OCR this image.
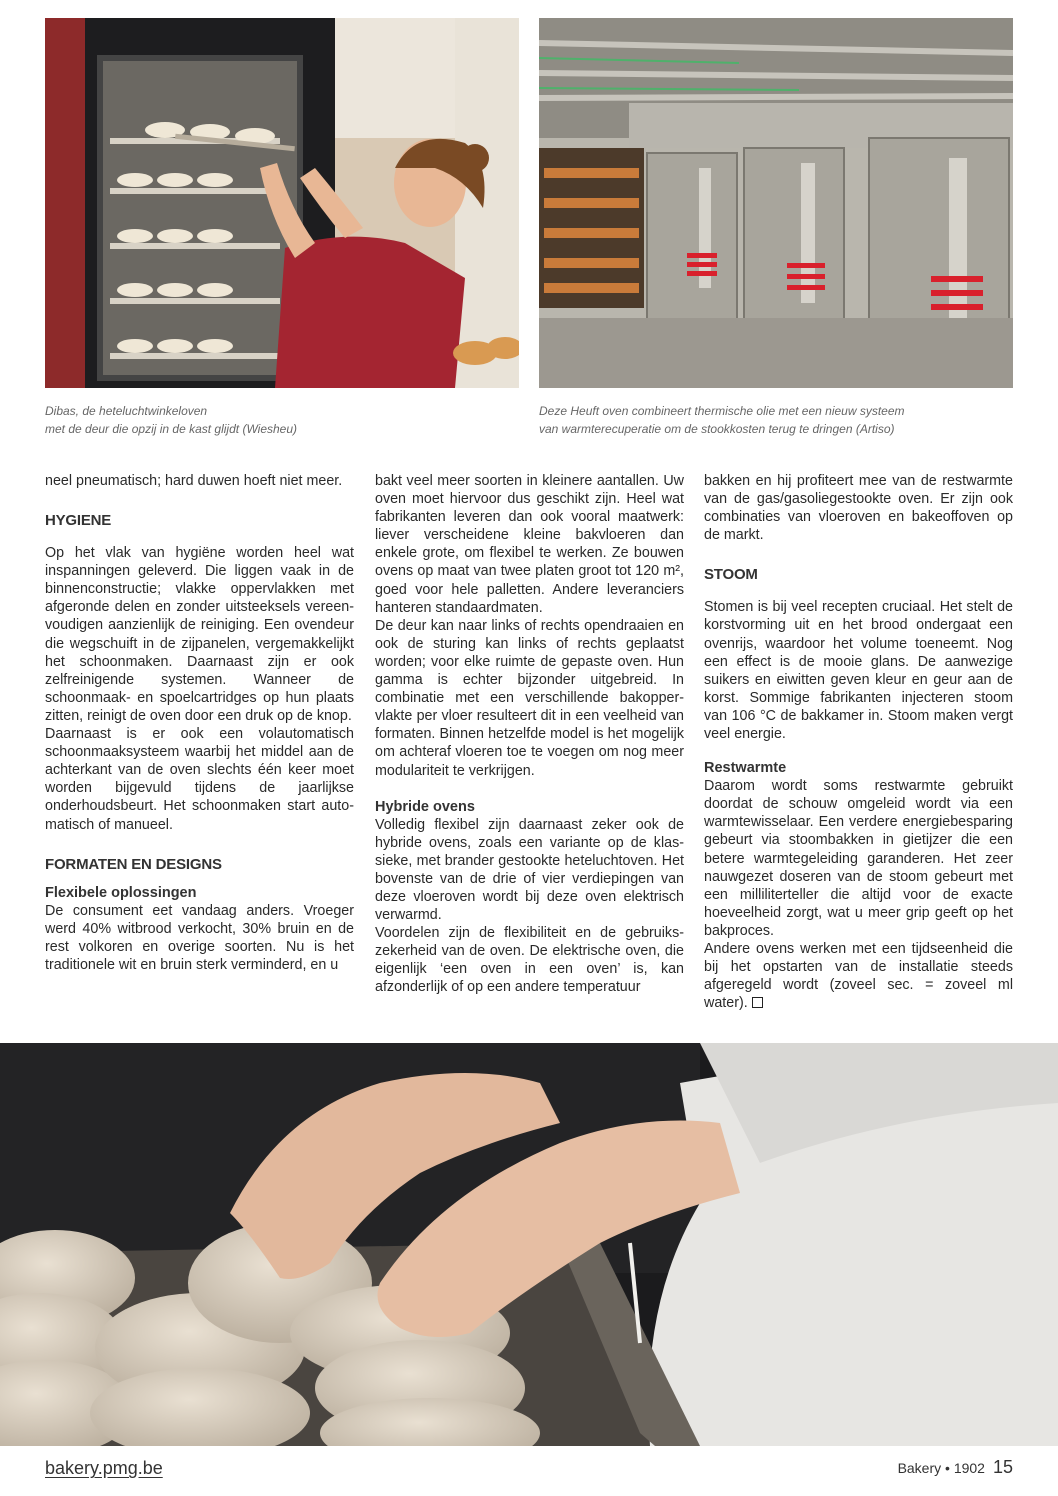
Dibas, de heteluchtwinkeloven
met de deur die opzij in de kast glijdt (Wiesheu)
Deze Heuft oven combineert thermische olie met een nieuw systeem
van warmterecuperatie om de stookkosten terug te dringen (Artiso)

neel pneumatisch; hard duwen hoeft niet meer.

HYGIENE

Op het vlak van hygiëne worden heel wat inspanningen geleverd. Die liggen vaak in de binnenconstructie; vlakke oppervlakken met afgeronde delen en zonder uitsteeksels vereenvoudigen aanzienlijk de reiniging. Een ovendeur die wegschuift in de zijpanelen, vergemakkelijkt het schoonmaken. Daarnaast zijn er ook zelfreinigende systemen. Wanneer de schoonmaak- en spoelcartridges op hun plaats zitten, reinigt de oven door een druk op de knop.

Daarnaast is er ook een volautomatisch schoonmaaksysteem waarbij het middel aan de achterkant van de oven slechts één keer moet worden bijgevuld tijdens de jaarlijkse onderhoudsbeurt. Het schoonmaken start automatisch of manueel.

FORMATEN EN DESIGNS
Flexibele oplossingen

De consument eet vandaag anders. Vroeger werd 40% witbrood verkocht, 30% bruin en de rest volkoren en overige soorten. Nu is het traditionele wit en bruin sterk verminderd, en u

bakt veel meer soorten in kleinere aantallen. Uw oven moet hiervoor dus geschikt zijn. Heel wat fabrikanten leveren dan ook vooral maatwerk: liever verscheidene kleine bakvloeren dan enkele grote, om flexibel te werken. Ze bouwen ovens op maat van twee platen groot tot 120 m², goed voor hele palletten. Andere leveranciers hanteren standaardmaten.

De deur kan naar links of rechts opendraaien en ook de sturing kan links of rechts geplaatst worden; voor elke ruimte de gepaste oven. Hun gamma is echter bijzonder uitgebreid. In combinatie met een verschillende bakoppervlakte per vloer resulteert dit in een veelheid van formaten. Binnen hetzelfde model is het mogelijk om achteraf vloeren toe te voegen om nog meer modulariteit te verkrijgen.

Hybride ovens

Volledig flexibel zijn daarnaast zeker ook de hybride ovens, zoals een variante op de klassieke, met brander gestookte heteluchtoven. Het bovenste van de drie of vier verdiepingen van deze vloeroven wordt bij deze oven elektrisch verwarmd.

Voordelen zijn de flexibiliteit en de gebruikszekerheid van de oven. De elektrische oven, die eigenlijk ‘een oven in een oven’ is, kan afzonderlijk of op een andere temperatuur

bakken en hij profiteert mee van de restwarmte van de gas/gasoliegestookte oven. Er zijn ook combinaties van vloeroven en bakeoffoven op de markt.

STOOM

Stomen is bij veel recepten cruciaal. Het stelt de korstvorming uit en het brood ondergaat een ovenrijs, waardoor het volume toeneemt. Nog een effect is de mooie glans. De aanwezige suikers en eiwitten geven kleur en geur aan de korst. Sommige fabrikanten injecteren stoom van 106 °C de bakkamer in. Stoom maken vergt veel energie.

Restwarmte

Daarom wordt soms restwarmte gebruikt doordat de schouw omgeleid wordt via een warmtewisselaar. Een verdere energiebesparing gebeurt via stoombakken in gietijzer die een betere warmtegeleiding garanderen. Het zeer nauwgezet doseren van de stoom gebeurt met een milliliterteller die altijd voor de exacte hoeveelheid zorgt, wat u meer grip geeft op het bakproces.

Andere ovens werken met een tijdseenheid die bij het opstarten van de installatie steeds afgeregeld wordt (zoveel sec. = zoveel ml water).

bakery.pmg.be	Bakery • 1902 15
